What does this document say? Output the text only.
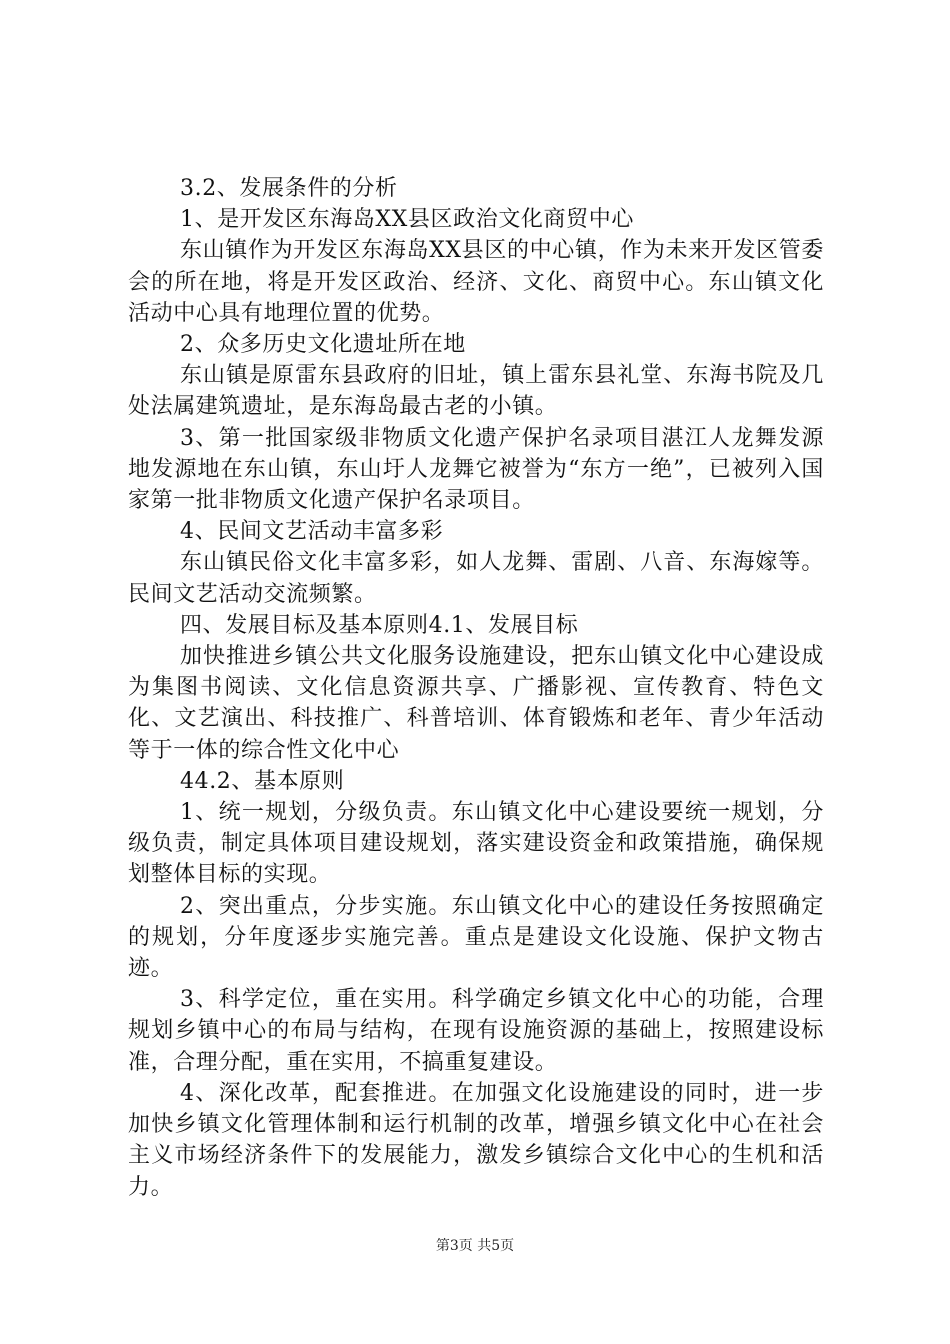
3.2、发展条件的分析

1、是开发区东海岛XX县区政治文化商贸中心

东山镇作为开发区东海岛XX县区的中心镇，作为未来开发区管委会的所在地，将是开发区政治、经济、文化、商贸中心。东山镇文化活动中心具有地理位置的优势。

2、众多历史文化遗址所在地

东山镇是原雷东县政府的旧址，镇上雷东县礼堂、东海书院及几处法属建筑遗址，是东海岛最古老的小镇。

3、第一批国家级非物质文化遗产保护名录项目湛江人龙舞发源地发源地在东山镇，东山圩人龙舞它被誉为“东方一绝”，已被列入国家第一批非物质文化遗产保护名录项目。

4、民间文艺活动丰富多彩

东山镇民俗文化丰富多彩，如人龙舞、雷剧、八音、东海嫁等。民间文艺活动交流频繁。

四、发展目标及基本原则4.1、发展目标

加快推进乡镇公共文化服务设施建设，把东山镇文化中心建设成为集图书阅读、文化信息资源共享、广播影视、宣传教育、特色文化、文艺演出、科技推广、科普培训、体育锻炼和老年、青少年活动等于一体的综合性文化中心

44.2、基本原则

1、统一规划，分级负责。东山镇文化中心建设要统一规划，分级负责，制定具体项目建设规划，落实建设资金和政策措施，确保规划整体目标的实现。

2、突出重点，分步实施。东山镇文化中心的建设任务按照确定的规划，分年度逐步实施完善。重点是建设文化设施、保护文物古迹。

3、科学定位，重在实用。科学确定乡镇文化中心的功能，合理规划乡镇中心的布局与结构，在现有设施资源的基础上，按照建设标准，合理分配，重在实用，不搞重复建设。

4、深化改革，配套推进。在加强文化设施建设的同时，进一步加快乡镇文化管理体制和运行机制的改革，增强乡镇文化中心在社会主义市场经济条件下的发展能力，激发乡镇综合文化中心的生机和活力。

第3页 共5页
